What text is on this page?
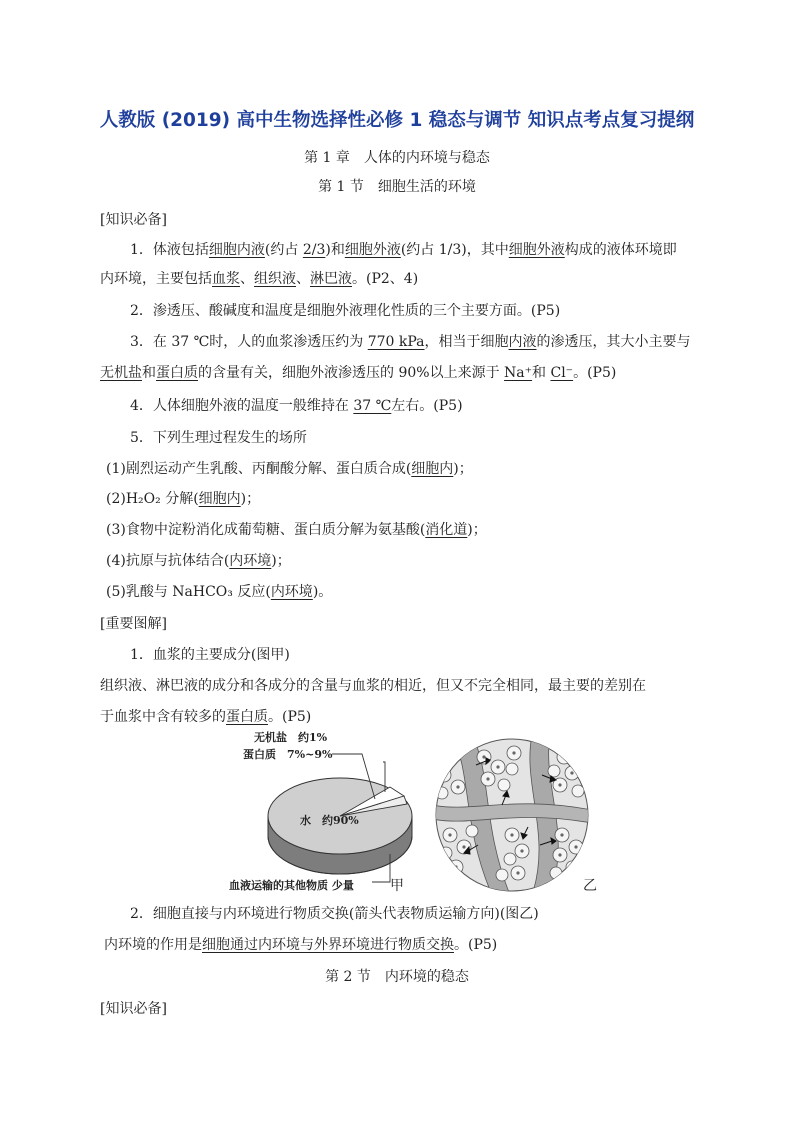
人教版 (2019) 高中生物选择性必修 1 稳态与调节 知识点考点复习提纲
第 1 章　人体的内环境与稳态
第 1 节　细胞生活的环境
[知识必备]
1．体液包括细胞内液(约占 2/3)和细胞外液(约占 1/3)，其中细胞外液构成的液体环境即
内环境，主要包括血浆、组织液、淋巴液。(P2、4)
2．渗透压、酸碱度和温度是细胞外液理化性质的三个主要方面。(P5)
3．在 37 ℃时，人的血浆渗透压约为 770 kPa，相当于细胞内液的渗透压，其大小主要与
无机盐和蛋白质的含量有关，细胞外液渗透压的 90%以上来源于 Na⁺和 Cl⁻。(P5)
4．人体细胞外液的温度一般维持在 37 ℃左右。(P5)
5．下列生理过程发生的场所
(1)剧烈运动产生乳酸、丙酮酸分解、蛋白质合成(细胞内)；
(2)H₂O₂ 分解(细胞内)；
(3)食物中淀粉消化成葡萄糖、蛋白质分解为氨基酸(消化道)；
(4)抗原与抗体结合(内环境)；
(5)乳酸与 NaHCO₃ 反应(内环境)。
[重要图解]
1．血浆的主要成分(图甲)
组织液、淋巴液的成分和各成分的含量与血浆的相近，但又不完全相同，最主要的差别在
于血浆中含有较多的蛋白质。(P5)
无机盐　约1%
蛋白质　7%~9%
水　约90%
血液运输的其他物质 少量	甲	乙
2．细胞直接与内环境进行物质交换(箭头代表物质运输方向)(图乙)
内环境的作用是细胞通过内环境与外界环境进行物质交换。(P5)
第 2 节　内环境的稳态
[知识必备]
